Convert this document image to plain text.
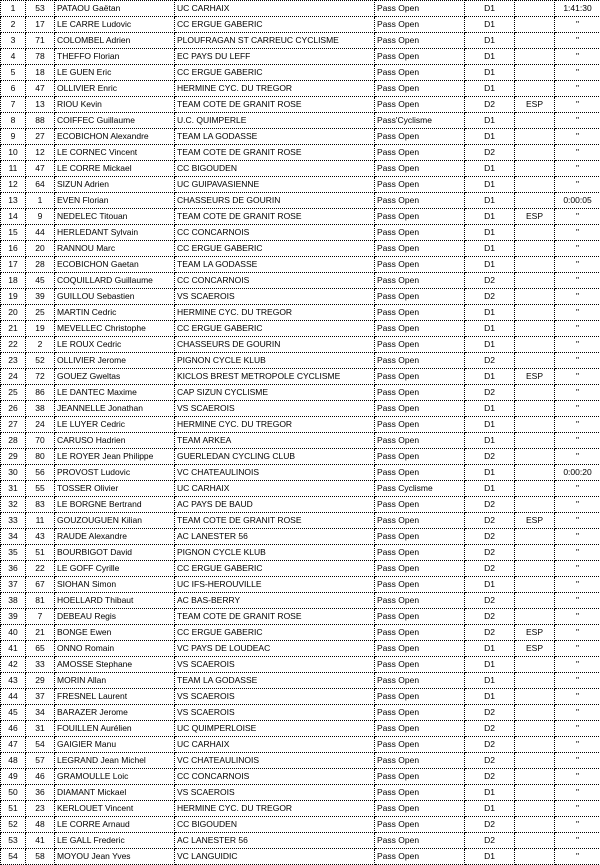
1	53	PATAOU Gaëtan	UC CARHAIX	Pass Open	D1		1:41:30
2	17	LE CARRE Ludovic	CC ERGUE GABERIC	Pass Open	D1		"
3	71	COLOMBEL Adrien	PLOUFRAGAN ST CARREUC CYCLISME	Pass Open	D1		"
4	78	THEFFO Florian	EC PAYS DU LEFF	Pass Open	D1		"
5	18	LE GUEN Eric	CC ERGUE GABERIC	Pass Open	D1		"
6	47	OLLIVIER Enric	HERMINE CYC. DU TREGOR	Pass Open	D1		"
7	13	RIOU Kevin	TEAM COTE DE GRANIT ROSE	Pass Open	D2	ESP	"
8	88	COIFFEC Guillaume	U.C. QUIMPERLE	Pass'Cyclisme	D1		"
9	27	ECOBICHON Alexandre	TEAM LA GODASSE	Pass Open	D1		"
10	12	LE CORNEC Vincent	TEAM COTE DE GRANIT ROSE	Pass Open	D2		"
11	47	LE CORRE Mickael	CC BIGOUDEN	Pass Open	D1		"
12	64	SIZUN Adrien	UC GUIPAVASIENNE	Pass Open	D1		"
13	1	EVEN Florian	CHASSEURS DE GOURIN	Pass Open	D1		0:00:05
14	9	NEDELEC Titouan	TEAM COTE DE GRANIT ROSE	Pass Open	D1	ESP	"
15	44	HERLEDANT Sylvain	CC CONCARNOIS	Pass Open	D1		"
16	20	RANNOU Marc	CC ERGUE GABERIC	Pass Open	D1		"
17	28	ECOBICHON Gaetan	TEAM LA GODASSE	Pass Open	D1		"
18	45	COQUILLARD Guillaume	CC CONCARNOIS	Pass Open	D2		"
19	39	GUILLOU Sebastien	VS SCAEROIS	Pass Open	D2		"
20	25	MARTIN Cedric	HERMINE CYC. DU TREGOR	Pass Open	D1		"
21	19	MEVELLEC Christophe	CC ERGUE GABERIC	Pass Open	D1		"
22	2	LE ROUX Cedric	CHASSEURS DE GOURIN	Pass Open	D1		"
23	52	OLLIVIER Jerome	PIGNON CYCLE KLUB	Pass Open	D2		"
24	72	GOUEZ Gweltas	KICLOS BREST METROPOLE CYCLISME	Pass Open	D1	ESP	"
25	86	LE DANTEC Maxime	CAP SIZUN CYCLISME	Pass Open	D2		"
26	38	JEANNELLE Jonathan	VS SCAEROIS	Pass Open	D1		"
27	24	LE LUYER Cedric	HERMINE CYC. DU TREGOR	Pass Open	D1		"
28	70	CARUSO Hadrien	TEAM ARKEA	Pass Open	D1		"
29	80	LE ROYER Jean Philippe	GUERLEDAN CYCLING CLUB	Pass Open	D2		"
30	56	PROVOST Ludovic	VC CHATEAULINOIS	Pass Open	D1		0:00:20
31	55	TOSSER Olivier	UC CARHAIX	Pass Cyclisme	D1		"
32	83	LE BORGNE Bertrand	AC PAYS DE BAUD	Pass Open	D2		"
33	11	GOUZOUGUEN Kilian	TEAM COTE DE GRANIT ROSE	Pass Open	D2	ESP	"
34	43	RAUDE Alexandre	AC LANESTER 56	Pass Open	D2		"
35	51	BOURBIGOT David	PIGNON CYCLE KLUB	Pass Open	D2		"
36	22	LE GOFF Cyrille	CC ERGUE GABERIC	Pass Open	D2		"
37	67	SIOHAN Simon	UC IFS-HEROUVILLE	Pass Open	D1		"
38	81	HOELLARD Thibaut	AC BAS-BERRY	Pass Open	D2		"
39	7	DEBEAU Regis	TEAM COTE DE GRANIT ROSE	Pass Open	D2		"
40	21	BONGE Ewen	CC ERGUE GABERIC	Pass Open	D2	ESP	"
41	65	ONNO Romain	VC PAYS DE LOUDEAC	Pass Open	D1	ESP	"
42	33	AMOSSE Stephane	VS SCAEROIS	Pass Open	D1		"
43	29	MORIN Allan	TEAM LA GODASSE	Pass Open	D1		"
44	37	FRESNEL Laurent	VS SCAEROIS	Pass Open	D1		"
45	34	BARAZER Jerome	VS SCAEROIS	Pass Open	D2		"
46	31	FOUILLEN Aurélien	UC QUIMPERLOISE	Pass Open	D2		"
47	54	GAIGIER Manu	UC CARHAIX	Pass Open	D2		"
48	57	LEGRAND Jean Michel	VC CHATEAULINOIS	Pass Open	D2		"
49	46	GRAMOULLE Loic	CC CONCARNOIS	Pass Open	D2		"
50	36	DIAMANT Mickael	VS SCAEROIS	Pass Open	D1		"
51	23	KERLOUET Vincent	HERMINE CYC. DU TREGOR	Pass Open	D1		"
52	48	LE CORRE Arnaud	CC BIGOUDEN	Pass Open	D2		"
53	41	LE GALL Frederic	AC LANESTER 56	Pass Open	D2		"
54	58	MOYOU Jean Yves	VC LANGUIDIC	Pass Open	D1		"
